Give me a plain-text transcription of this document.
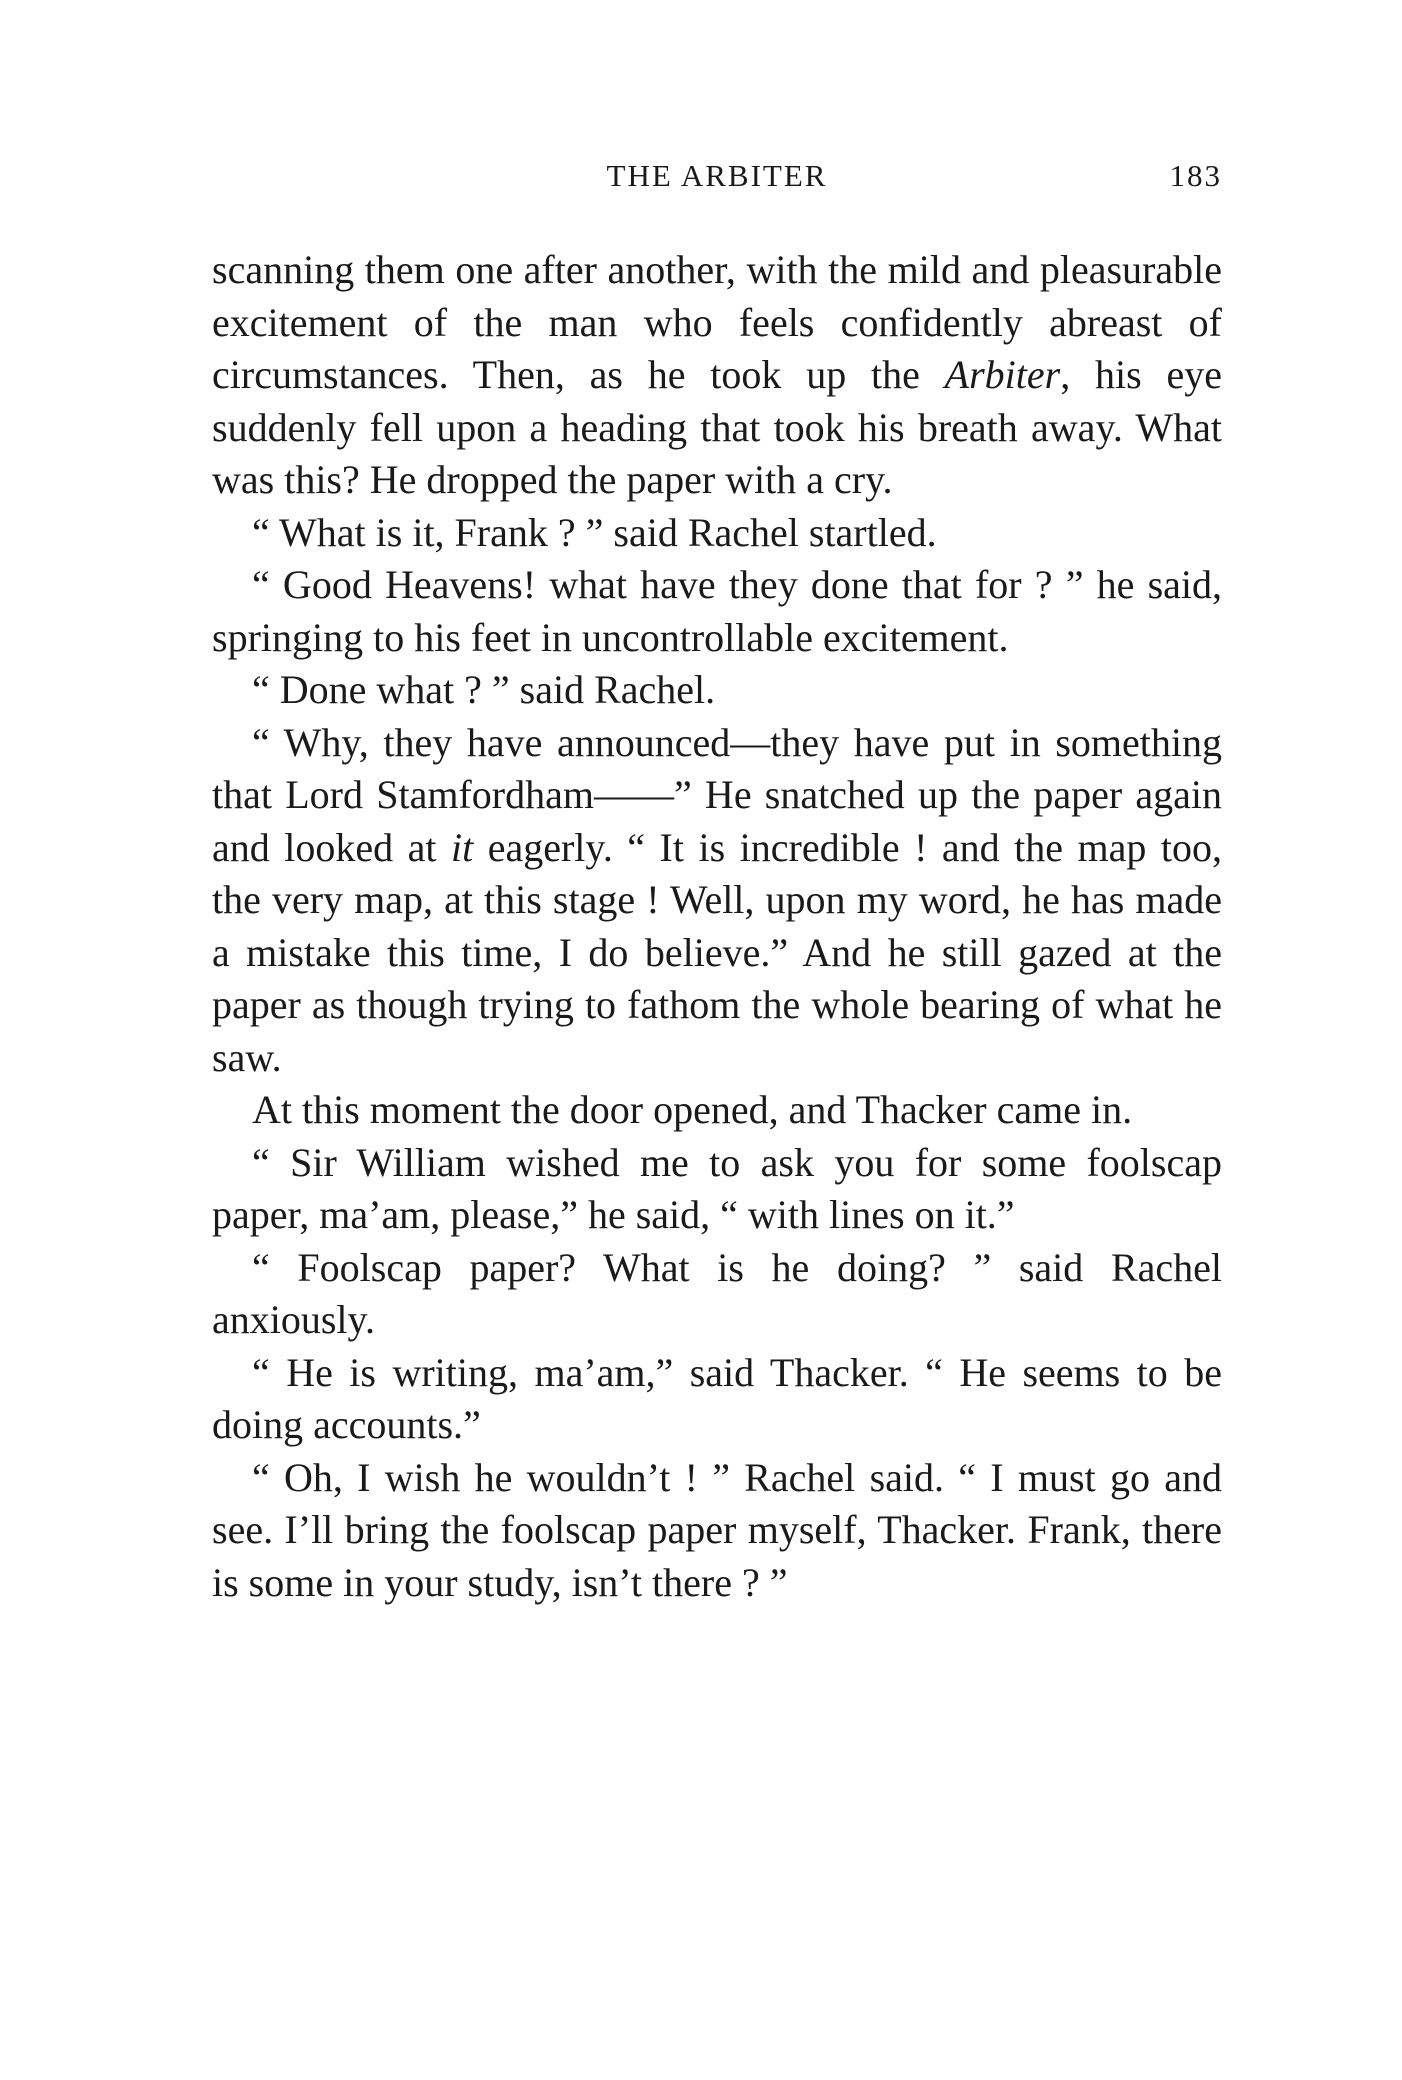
THE ARBITER	183

scanning them one after another, with the mild and pleasurable excitement of the man who feels confidently abreast of circumstances. Then, as he took up the Arbiter, his eye suddenly fell upon a heading that took his breath away. What was this? He dropped the paper with a cry.

“ What is it, Frank ? ” said Rachel startled.

“ Good Heavens! what have they done that for ? ” he said, springing to his feet in uncontrollable excitement.

“ Done what ? ” said Rachel.

“ Why, they have announced—they have put in something that Lord Stamfordham——” He snatched up the paper again and looked at it eagerly. “ It is incredible ! and the map too, the very map, at this stage ! Well, upon my word, he has made a mistake this time, I do believe.” And he still gazed at the paper as though trying to fathom the whole bearing of what he saw.

At this moment the door opened, and Thacker came in.

“ Sir William wished me to ask you for some foolscap paper, ma’am, please,” he said, “ with lines on it.”

“ Foolscap paper? What is he doing? ” said Rachel anxiously.

“ He is writing, ma’am,” said Thacker. “ He seems to be doing accounts.”

“ Oh, I wish he wouldn’t ! ” Rachel said. “ I must go and see. I’ll bring the foolscap paper myself, Thacker. Frank, there is some in your study, isn’t there ? ”
